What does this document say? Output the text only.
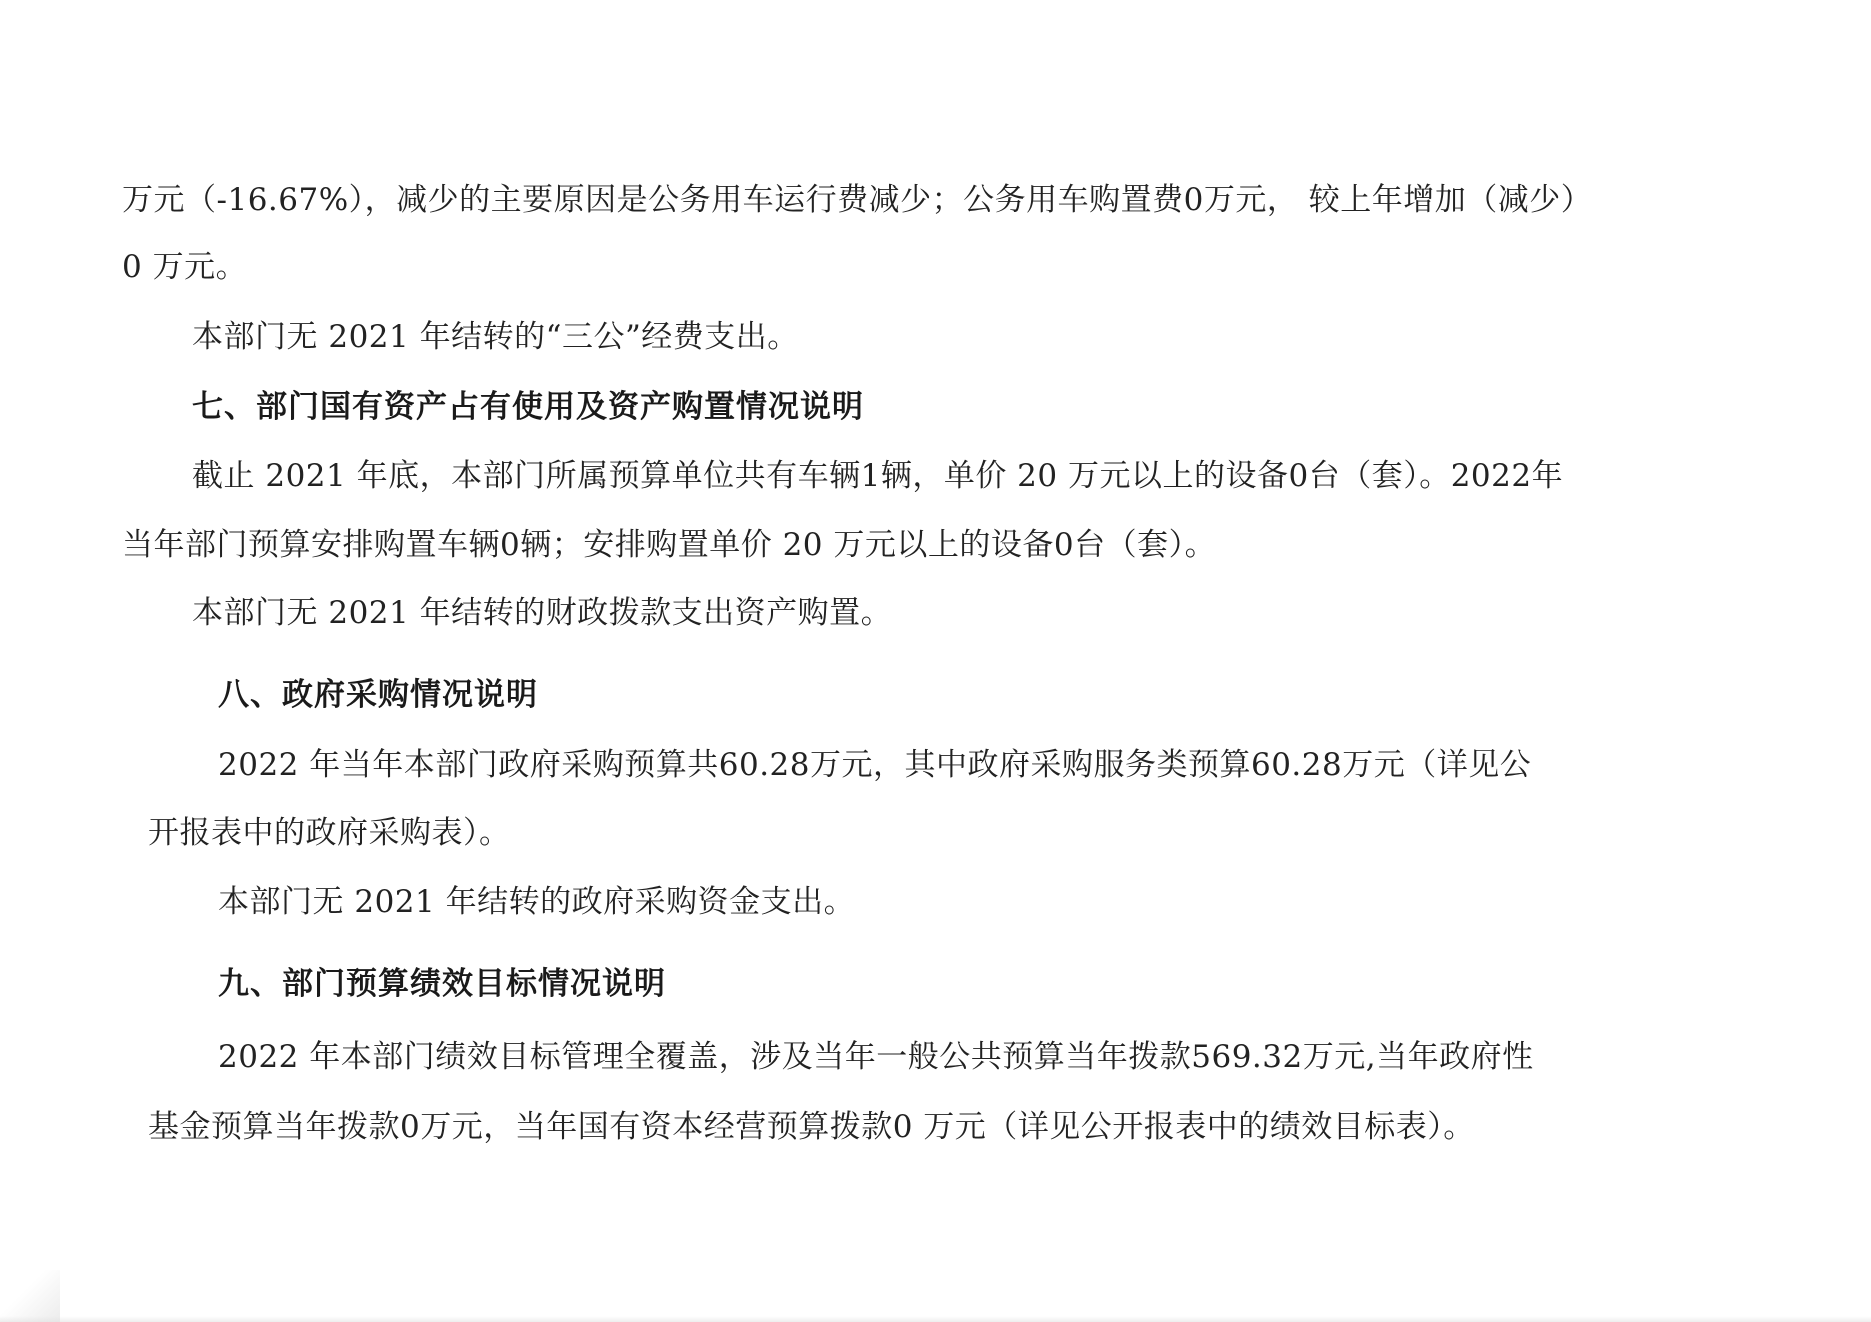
万元（-16.67%），减少的主要原因是公务用车运行费减少；公务用车购置费0万元， 较上年增加（减少）
0 万元。
本部门无 2021 年结转的“三公”经费支出。
七、部门国有资产占有使用及资产购置情况说明
截止 2021 年底，本部门所属预算单位共有车辆1辆，单价 20 万元以上的设备0台（套）。2022年
当年部门预算安排购置车辆0辆；安排购置单价 20 万元以上的设备0台（套）。
本部门无 2021 年结转的财政拨款支出资产购置。
八、政府采购情况说明
2022 年当年本部门政府采购预算共60.28万元，其中政府采购服务类预算60.28万元（详见公
开报表中的政府采购表）。
本部门无 2021 年结转的政府采购资金支出。
九、部门预算绩效目标情况说明
2022 年本部门绩效目标管理全覆盖，涉及当年一般公共预算当年拨款569.32万元,当年政府性
基金预算当年拨款0万元，当年国有资本经营预算拨款0 万元（详见公开报表中的绩效目标表）。
